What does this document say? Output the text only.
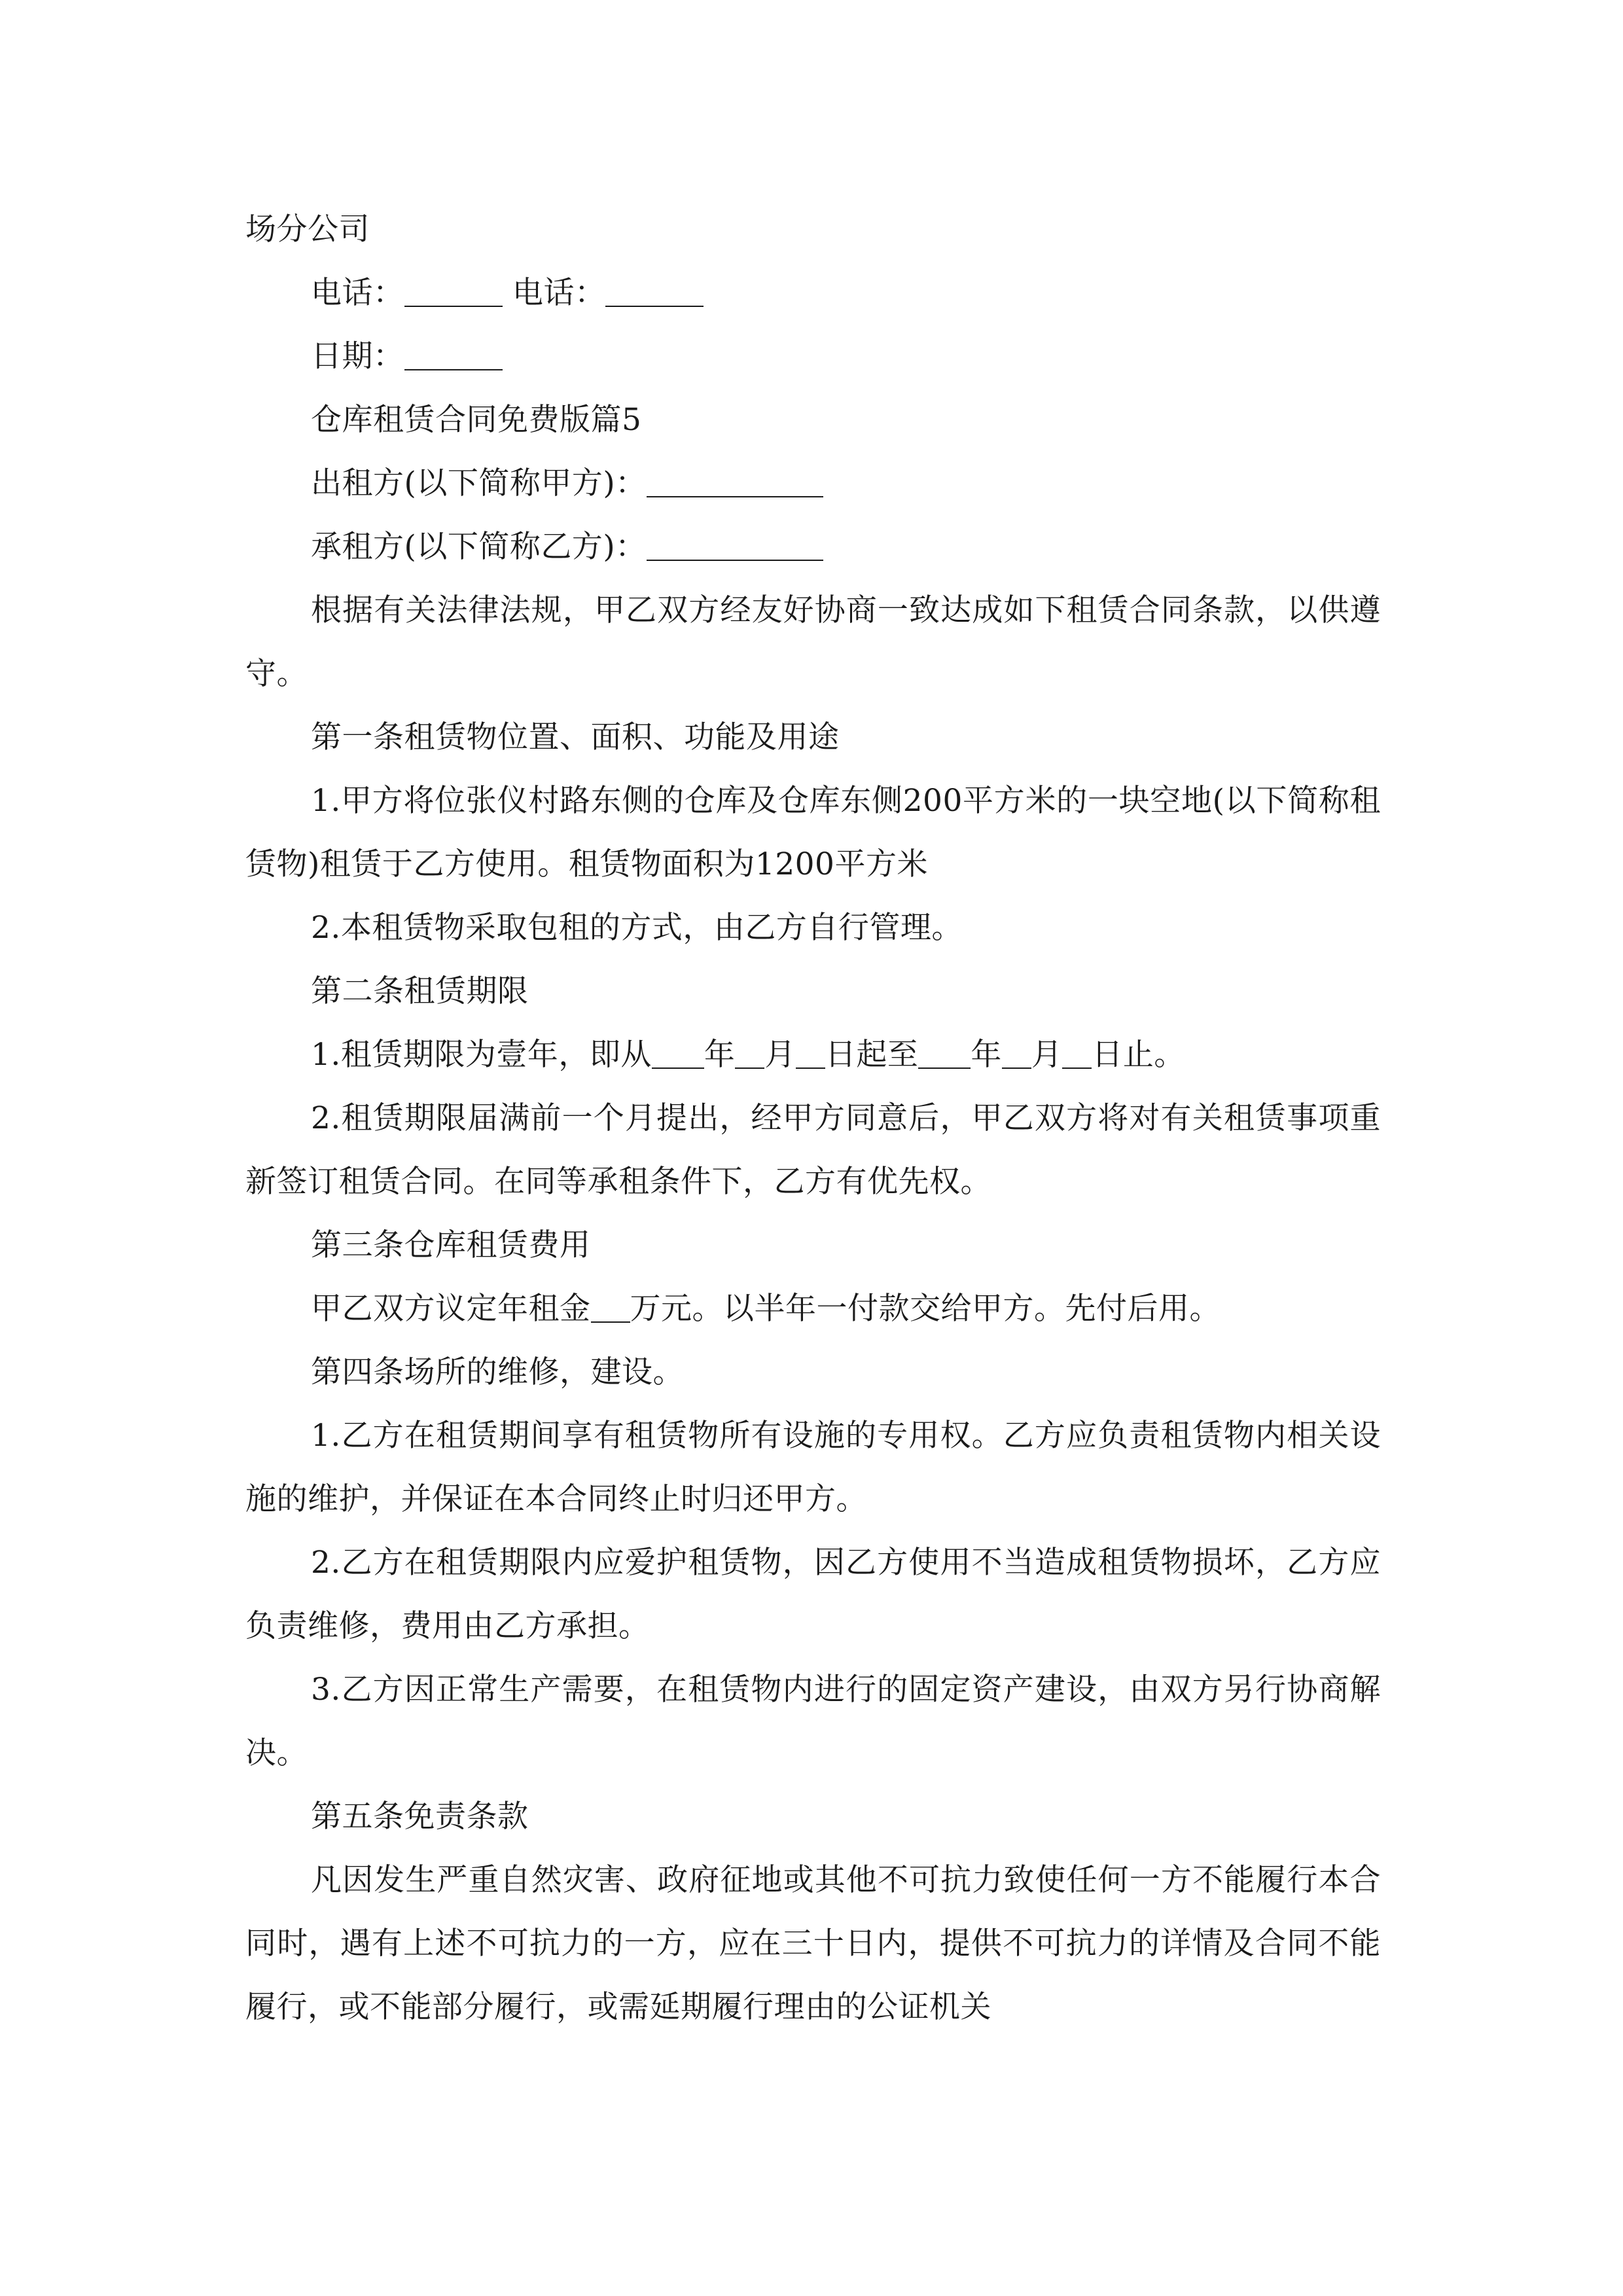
场分公司

电话：	电话：

日期：

仓库租赁合同免费版篇5

出租方(以下简称甲方)：

承租方(以下简称乙方)：

根据有关法律法规，甲乙双方经友好协商一致达成如下租赁合同条款，以供遵守。

第一条租赁物位置、面积、功能及用途

1.甲方将位张仪村路东侧的仓库及仓库东侧200平方米的一块空地(以下简称租赁物)租赁于乙方使用。租赁物面积为1200平方米

2.本租赁物采取包租的方式，由乙方自行管理。

第二条租赁期限

1.租赁期限为壹年，即从 年 月 日起至 年 月 日止。

2.租赁期限届满前一个月提出，经甲方同意后，甲乙双方将对有关租赁事项重新签订租赁合同。在同等承租条件下，乙方有优先权。

第三条仓库租赁费用

甲乙双方议定年租金 万元。以半年一付款交给甲方。先付后用。

第四条场所的维修，建设。

1.乙方在租赁期间享有租赁物所有设施的专用权。乙方应负责租赁物内相关设施的维护，并保证在本合同终止时归还甲方。

2.乙方在租赁期限内应爱护租赁物，因乙方使用不当造成租赁物损坏，乙方应负责维修，费用由乙方承担。

3.乙方因正常生产需要，在租赁物内进行的固定资产建设，由双方另行协商解决。

第五条免责条款

凡因发生严重自然灾害、政府征地或其他不可抗力致使任何一方不能履行本合同时，遇有上述不可抗力的一方，应在三十日内，提供不可抗力的详情及合同不能履行，或不能部分履行，或需延期履行理由的公证机关
